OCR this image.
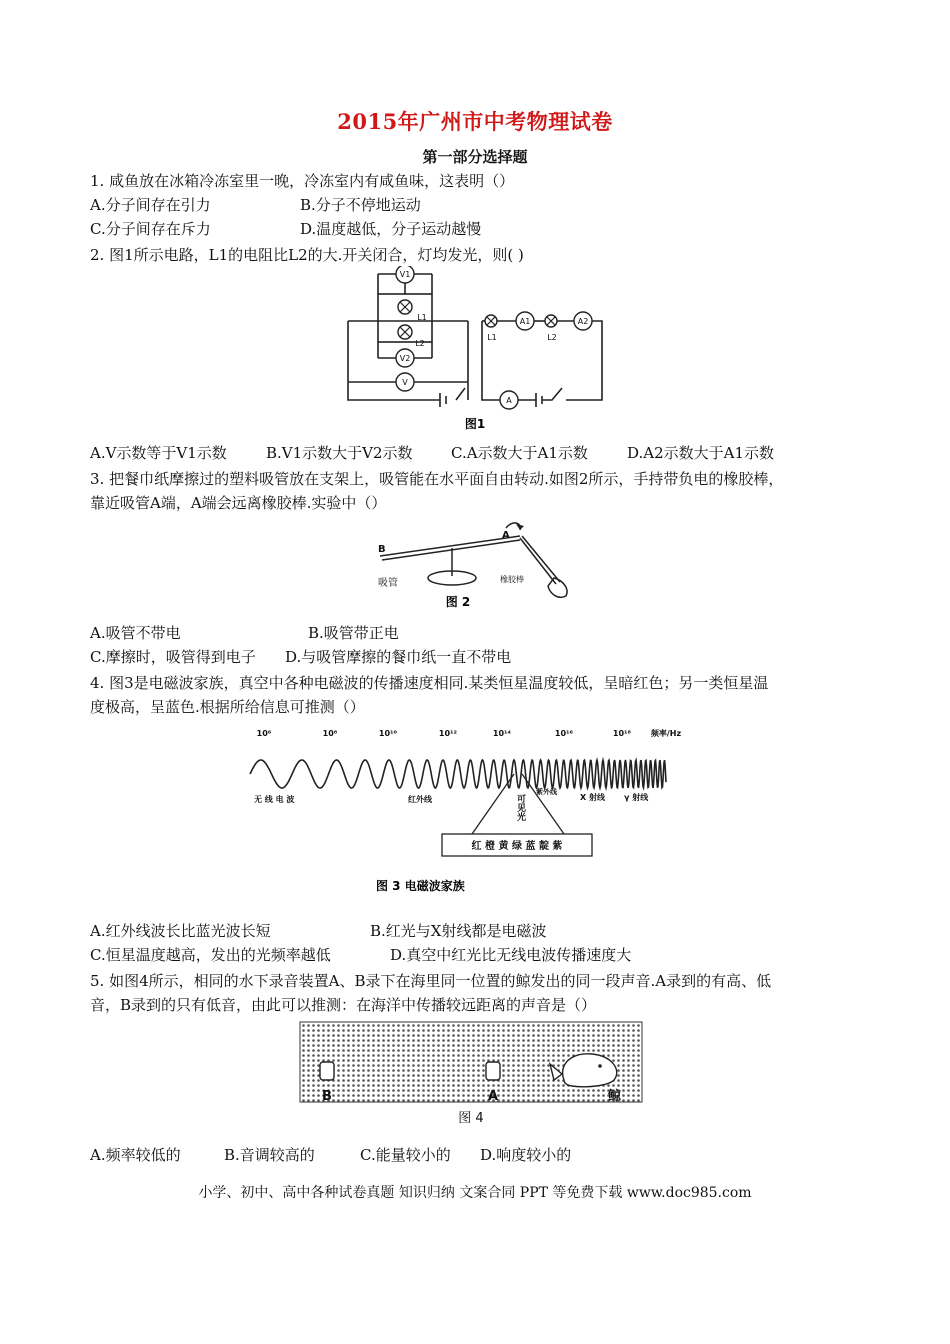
2015年广州市中考物理试卷
第一部分选择题
1. 咸鱼放在冰箱冷冻室里一晚，冷冻室内有咸鱼味，这表明（）
A.分子间存在引力	B.分子不停地运动
C.分子间存在斥力	D.温度越低，分子运动越慢
2. 图1所示电路，L1的电阻比L2的大.开关闭合，灯均发光，则( )
V1
V2
V
A1	A2
A
L1
L2
L1	L2
图1
A.V示数等于V1示数	B.V1示数大于V2示数	C.A示数大于A1示数	D.A2示数大于A1示数
3. 把餐巾纸摩擦过的塑料吸管放在支架上，吸管能在水平面自由转动.如图2所示，手持带负电的橡胶棒，
靠近吸管A端，A端会远离橡胶棒.实验中（）
B
A
吸管	橡胶棒
图 2
A.吸管不带电	B.吸管带正电
C.摩擦时，吸管得到电子 D.与吸管摩擦的餐巾纸一直不带电
4. 图3是电磁波家族，真空中各种电磁波的传播速度相同.某类恒星温度较低，呈暗红色；另一类恒星温
度极高，呈蓝色.根据所给信息可推测（）
10⁶	10⁸	10¹⁰	10¹²	10¹⁴	10¹⁶	10¹⁸ 频率/Hz
无 线 电 波	红外线
紫外线
X 射线 γ 射线
可见光
红 橙 黄 绿 蓝 靛 紫
图 3 电磁波家族
A.红外线波长比蓝光波长短	B.红光与X射线都是电磁波
C.恒星温度越高，发出的光频率越低	D.真空中红光比无线电波传播速度大
5. 如图4所示，相同的水下录音装置A、B录下在海里同一位置的鲸发出的同一段声音.A录到的有高、低
音，B录到的只有低音，由此可以推测：在海洋中传播较远距离的声音是（）
B	A	鲸
图 4
A.频率较低的	B.音调较高的	C.能量较小的 D.响度较小的
小学、初中、高中各种试卷真题 知识归纳 文案合同 PPT 等免费下载 www.doc985.com
